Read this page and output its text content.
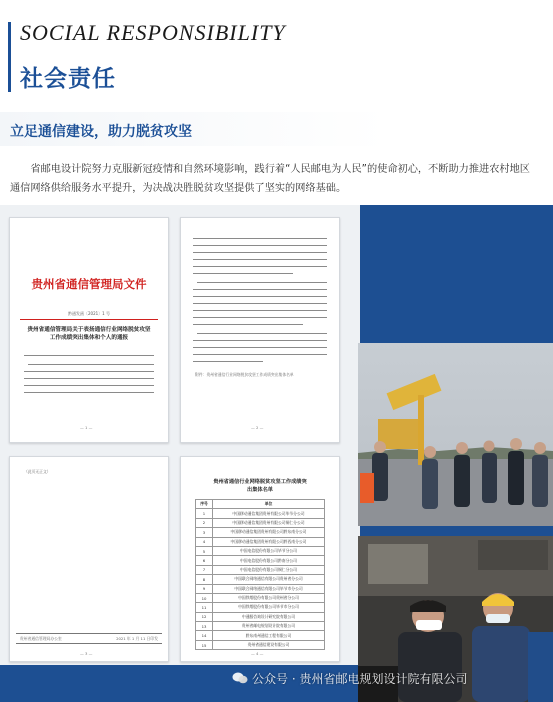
SOCIAL RESPONSIBILITY
社会责任
立足通信建设，助力脱贫攻坚
省邮电设计院努力克服新冠疫情和自然环境影响，践行着“人民邮电为人民”的使命初心，不断助力推进农村地区通信网络供给服务水平提升，为决战决胜脱贫攻坚提供了坚实的网络基础。
贵州省通信管理局文件
黔通发函〔2021〕1 号
贵州省通信管理局关于表扬通信行业网络脱贫攻坚工作成绩突出集体和个人的通报
— 1 —
附件：贵州省通信行业网络脱贫攻坚工作成绩突出集体名单
— 2 —
（此页无正文）
贵州省通信管理局办公室	2021 年 1 月 11 日印发
— 3 —
贵州省通信行业网络脱贫攻坚工作成绩突出集体名单
序号	单位
1	中国移动通信集团贵州有限公司毕节分公司
2	中国移动通信集团贵州有限公司铜仁分公司
3	中国移动通信集团贵州有限公司黔东南分公司
4	中国移动通信集团贵州有限公司黔西南分公司
5	中国电信股份有限公司毕节分公司
6	中国电信股份有限公司黔南分公司
7	中国电信股份有限公司铜仁分公司
8	中国联合网络通信有限公司贵州省分公司
9	中国联合网络通信有限公司毕节市分公司
10	中国铁塔股份有限公司贵州省分公司
11	中国铁塔股份有限公司毕节市分公司
12	中通服咨询设计研究院有限公司
13	贵州省邮电规划设计院有限公司
14	黔东南州通信工程有限公司
15	贵州省通信建设有限公司
— 4 —
公众号 · 贵州省邮电规划设计院有限公司
